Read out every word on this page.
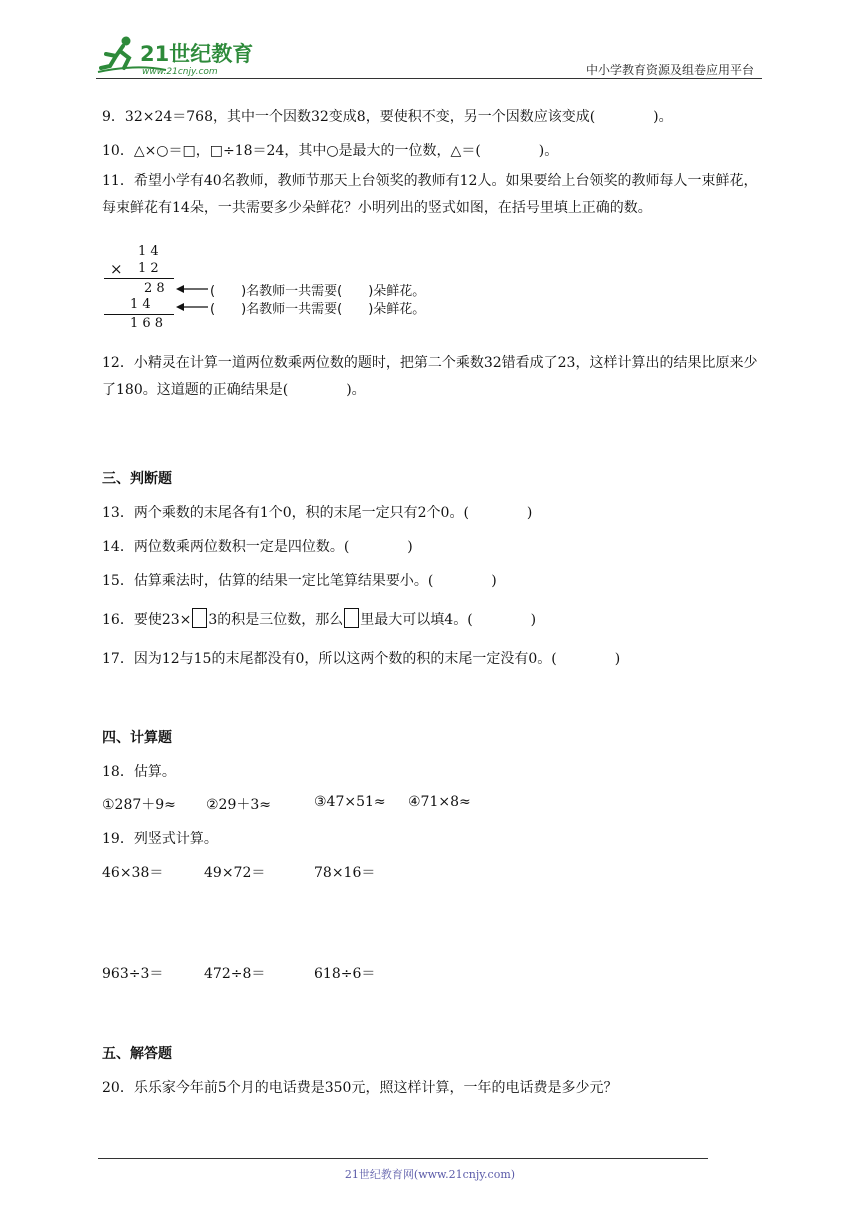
21世纪教育
www.21cnjy.com	中小学教育资源及组卷应用平台
9．32×24＝768，其中一个因数32变成8，要使积不变，另一个因数应该变成(	)。
10．△×○＝□，□÷18＝24，其中○是最大的一位数，△＝(	)。
11．希望小学有40名教师，教师节那天上台领奖的教师有12人。如果要给上台领奖的教师每人一束鲜花，每束鲜花有14朵，一共需要多少朵鲜花？小明列出的竖式如图，在括号里填上正确的数。
1 4
× 1 2
2 8
1 4
1 6 8
(　　)名教师一共需要(　　)朵鲜花。
(　　)名教师一共需要(　　)朵鲜花。
12．小精灵在计算一道两位数乘两位数的题时，把第二个乘数32错看成了23，这样计算出的结果比原来少了180。这道题的正确结果是(	)。
三、判断题
13．两个乘数的末尾各有1个0，积的末尾一定只有2个0。(	)
14．两位数乘两位数积一定是四位数。(	)
15．估算乘法时，估算的结果一定比笔算结果要小。(	)
16．要使23× 3的积是三位数，那么 里最大可以填4。(	)
17．因为12与15的末尾都没有0，所以这两个数的积的末尾一定没有0。(	)
四、计算题
18．估算。
①287＋9≈ ②29＋3≈	③47×51≈ ④71×8≈
19．列竖式计算。
46×38＝	49×72＝	78×16＝
963÷3＝	472÷8＝	618÷6＝
五、解答题
20．乐乐家今年前5个月的电话费是350元，照这样计算，一年的电话费是多少元？
21世纪教育网(www.21cnjy.com)
